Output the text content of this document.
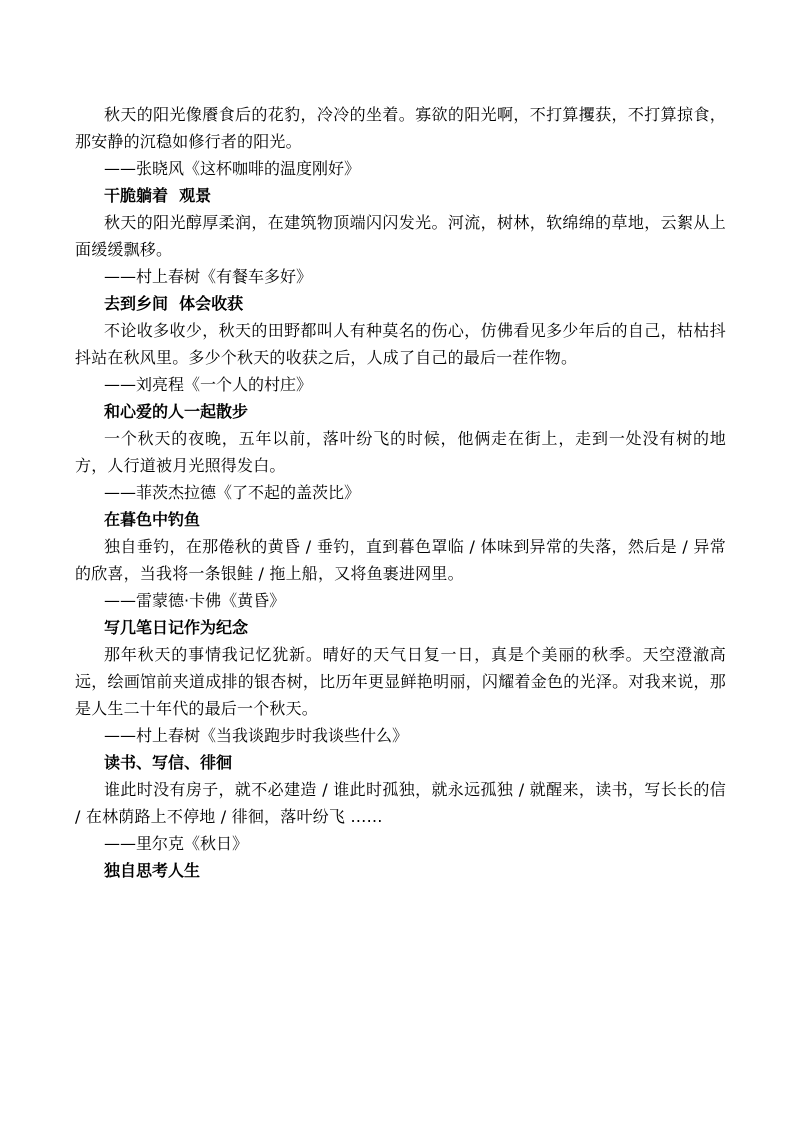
秋天的阳光像餍食后的花豹，冷冷的坐着。寡欲的阳光啊，不打算攫获，不打算掠食，那安静的沉稳如修行者的阳光。

——张晓风《这杯咖啡的温度刚好》

干脆躺着  观景

秋天的阳光醇厚柔润，在建筑物顶端闪闪发光。河流，树林，软绵绵的草地，云絮从上面缓缓飘移。

——村上春树《有餐车多好》

去到乡间  体会收获

不论收多收少，秋天的田野都叫人有种莫名的伤心，仿佛看见多少年后的自己，枯枯抖抖站在秋风里。多少个秋天的收获之后，人成了自己的最后一茬作物。

——刘亮程《一个人的村庄》

和心爱的人一起散步

一个秋天的夜晚，五年以前，落叶纷飞的时候，他俩走在街上，走到一处没有树的地方，人行道被月光照得发白。

——菲茨杰拉德《了不起的盖茨比》

在暮色中钓鱼

独自垂钓，在那倦秋的黄昏 / 垂钓，直到暮色罩临 / 体味到异常的失落，然后是 / 异常的欣喜，当我将一条银鲑 / 拖上船，又将鱼裹进网里。

——雷蒙德·卡佛《黄昏》

写几笔日记作为纪念

那年秋天的事情我记忆犹新。晴好的天气日复一日，真是个美丽的秋季。天空澄澈高远，绘画馆前夹道成排的银杏树，比历年更显鲜艳明丽，闪耀着金色的光泽。对我来说，那是人生二十年代的最后一个秋天。

——村上春树《当我谈跑步时我谈些什么》

读书、写信、徘徊

谁此时没有房子，就不必建造 / 谁此时孤独，就永远孤独 / 就醒来，读书，写长长的信 / 在林荫路上不停地 / 徘徊，落叶纷飞 ……

——里尔克《秋日》

独自思考人生
